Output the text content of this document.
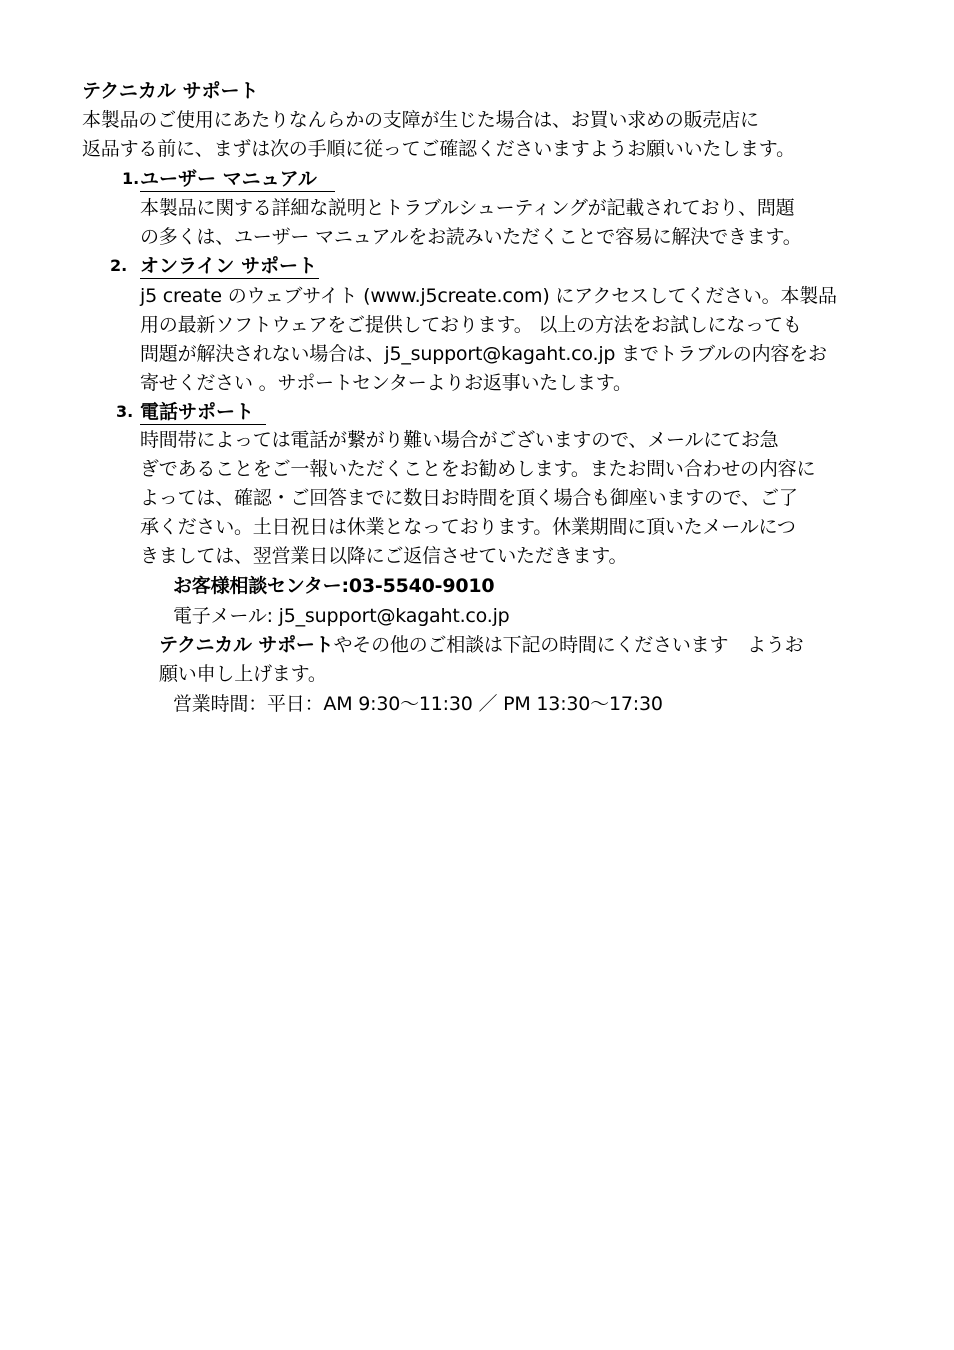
テクニカル サポート
本製品のご使用にあたりなんらかの支障が生じた場合は、お買い求めの販売店に
返品する前に、まずは次の手順に従ってご確認くださいますようお願いいたします。
1. ユーザー マニュアル
本製品に関する詳細な説明とトラブルシューティングが記載されており、問題
の多くは、ユーザー マニュアルをお読みいただくことで容易に解決できます。
2. オンライン サポート
j5 create のウェブサイト (www.j5create.com) にアクセスしてください。本製品
用の最新ソフトウェアをご提供しております。 以上の方法をお試しになっても
問題が解決されない場合は、j5_support@kagaht.co.jp までトラブルの内容をお
寄せください 。サポートセンターよりお返事いたします。
3. 電話サポート
時間帯によっては電話が繋がり難い場合がございますので、メールにてお急
ぎであることをご一報いただくことをお勧めします。またお問い合わせの内容に
よっては、確認・ご回答までに数日お時間を頂く場合も御座いますので、ご了
承ください。土日祝日は休業となっております。休業期間に頂いたメールにつ
きましては、翌営業日以降にご返信させていただきます。
お客様相談センター:03-5540-9010
電子メール: j5_support@kagaht.co.jp
テクニカル サポートやその他のご相談は下記の時間にくださいます　ようお
願い申し上げます。
営業時間：平日：AM 9:30～11:30 ／ PM 13:30～17:30
